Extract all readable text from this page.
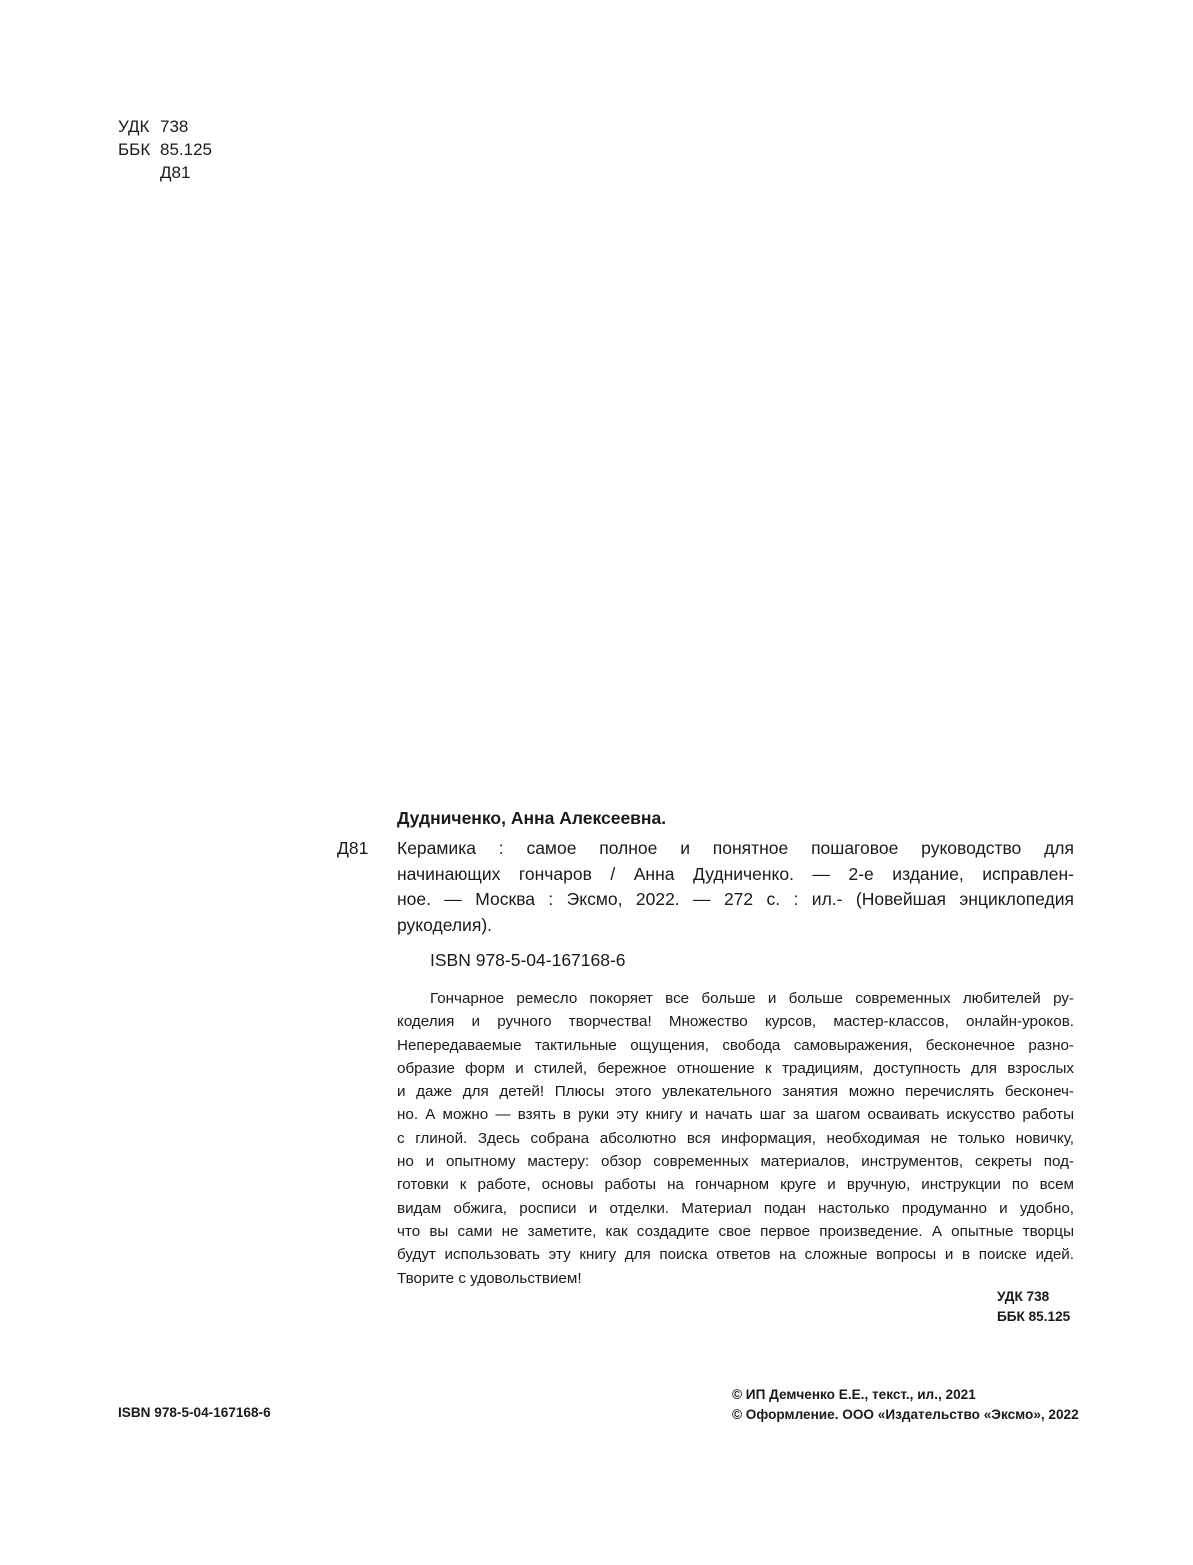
УДК 738
ББК 85.125
Д81
Дудниченко, Анна Алексеевна.
Д81 Керамика : самое полное и понятное пошаговое руководство для
начинающих гончаров / Анна Дудниченко. — 2-е издание, исправлен-
ное. — Москва : Эксмо, 2022. — 272 с. : ил.- (Новейшая энциклопедия
рукоделия).
ISBN 978-5-04-167168-6
Гончарное ремесло покоряет все больше и больше современных любителей ру-
коделия и ручного творчества! Множество курсов, мастер-классов, онлайн-уроков.
Непередаваемые тактильные ощущения, свобода самовыражения, бесконечное разно-
образие форм и стилей, бережное отношение к традициям, доступность для взрослых
и даже для детей! Плюсы этого увлекательного занятия можно перечислять бесконеч-
но. А можно — взять в руки эту книгу и начать шаг за шагом осваивать искусство работы
с глиной. Здесь собрана абсолютно вся информация, необходимая не только новичку,
но и опытному мастеру: обзор современных материалов, инструментов, секреты под-
готовки к работе, основы работы на гончарном круге и вручную, инструкции по всем
видам обжига, росписи и отделки. Материал подан настолько продуманно и удобно,
что вы сами не заметите, как создадите свое первое произведение. А опытные творцы
будут использовать эту книгу для поиска ответов на сложные вопросы и в поиске идей.
Творите с удовольствием!
УДК 738
ББК 85.125
ISBN 978-5-04-167168-6
© ИП Демченко Е.Е., текст., ил., 2021
© Оформление. ООО «Издательство «Эксмо», 2022
